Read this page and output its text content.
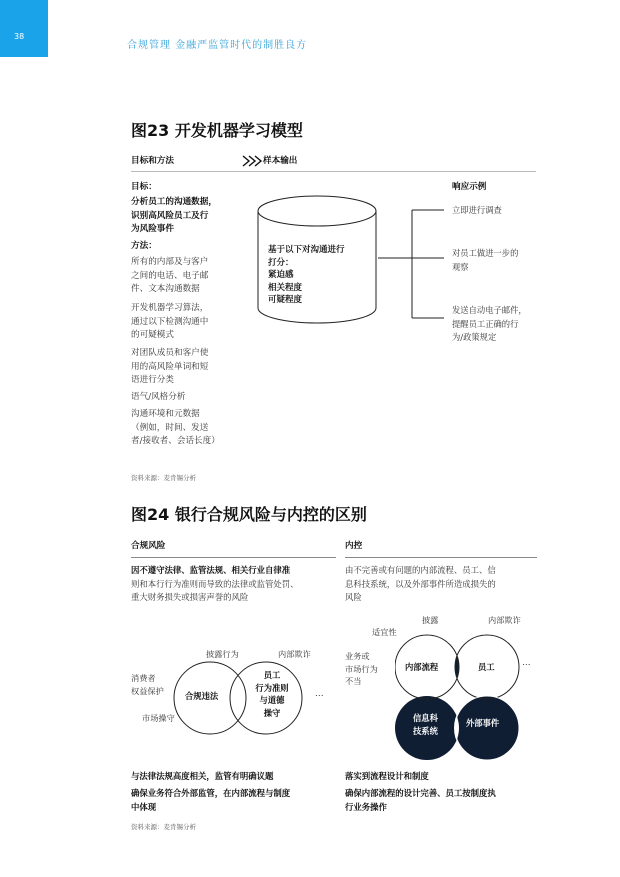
38
合规管理 金融严监管时代的制胜良方
图23 开发机器学习模型
目标和方法	样本输出
目标：
分析员工的沟通数据，
识别高风险员工及行
为风险事件
方法：
所有的内部及与客户
之间的电话、电子邮
件、文本沟通数据
开发机器学习算法，
通过以下检测沟通中
的可疑模式
对团队成员和客户使
用的高风险单词和短
语进行分类
语气/风格分析
沟通环境和元数据
（例如，时间、发送
者/接收者、会话长度）
基于以下对沟通进行
打分：
紧迫感
相关程度
可疑程度
响应示例
立即进行调查
对员工做进一步的
观察
发送自动电子邮件，
提醒员工正确的行
为/政策规定
资料来源：麦肯锡分析
图24 银行合规风险与内控的区别
合规风险
因不遵守法律、监管法规、相关行业自律准
则和本行行为准则而导致的法律或监管处罚、
重大财务损失或损害声誉的风险
内控
由不完善或有问题的内部流程、员工、信
息科技系统，以及外部事件所造成损失的
风险
合规违法
员工
行为准则
与道德
操守
披露行为	内部欺诈
消费者
权益保护
市场操守
…
内部流程	员工
信息科
技系统
外部事件
披露	内部欺诈
适宜性
业务或
市场行为
不当
…
与法律法规高度相关，监管有明确议题
确保业务符合外部监管，在内部流程与制度
中体现
落实到流程设计和制度
确保内部流程的设计完善、员工按制度执
行业务操作
资料来源：麦肯锡分析
